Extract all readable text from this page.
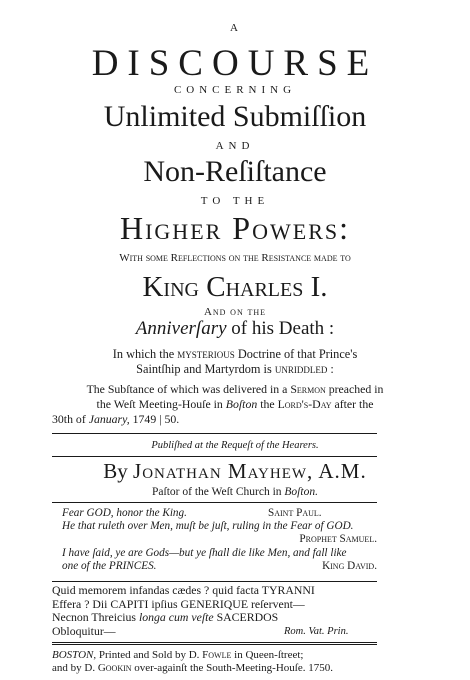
A
DISCOURSE
CONCERNING
Unlimited Submiſſion
AND
Non-Reſiſtance
TO THE
Higher Powers:
With ſome Reflections on the Resistance made to
King Charles I.
And on the
Anniverſary of his Death :
In which the mysterious Doctrine of that Prince's
Saintſhip and Martyrdom is unriddled :
The Subſtance of which was delivered in a Sermon preached in
the Weſt Meeting-Houſe in Boſton the Lord's-Day after the
30th of January, 1749 | 50.
Publiſhed at the Requeſt of the Hearers.
By Jonathan Mayhew, A.M.
Paſtor of the Weſt Church in Boſton.
Fear GOD, honor the King.	Saint Paul.
He that ruleth over Men, muſt be juſt, ruling in the Fear of GOD.

Prophet Samuel.
I have ſaid, ye are Gods—but ye ſhall die like Men, and fall like
one of the PRINCES.	King David.
Quid memorem infandas cædes ? quid facta TYRANNI
Effera ? Dii CAPITI ipſius GENERIQUE reſervent—
Necnon Threicius longa cum veſte SACERDOS
Obloquitur—	Rom. Vat. Prin.
BOSTON, Printed and Sold by D. Fowle in Queen-ſtreet;
and by D. Gookin over-againſt the South-Meeting-Houſe. 1750.
